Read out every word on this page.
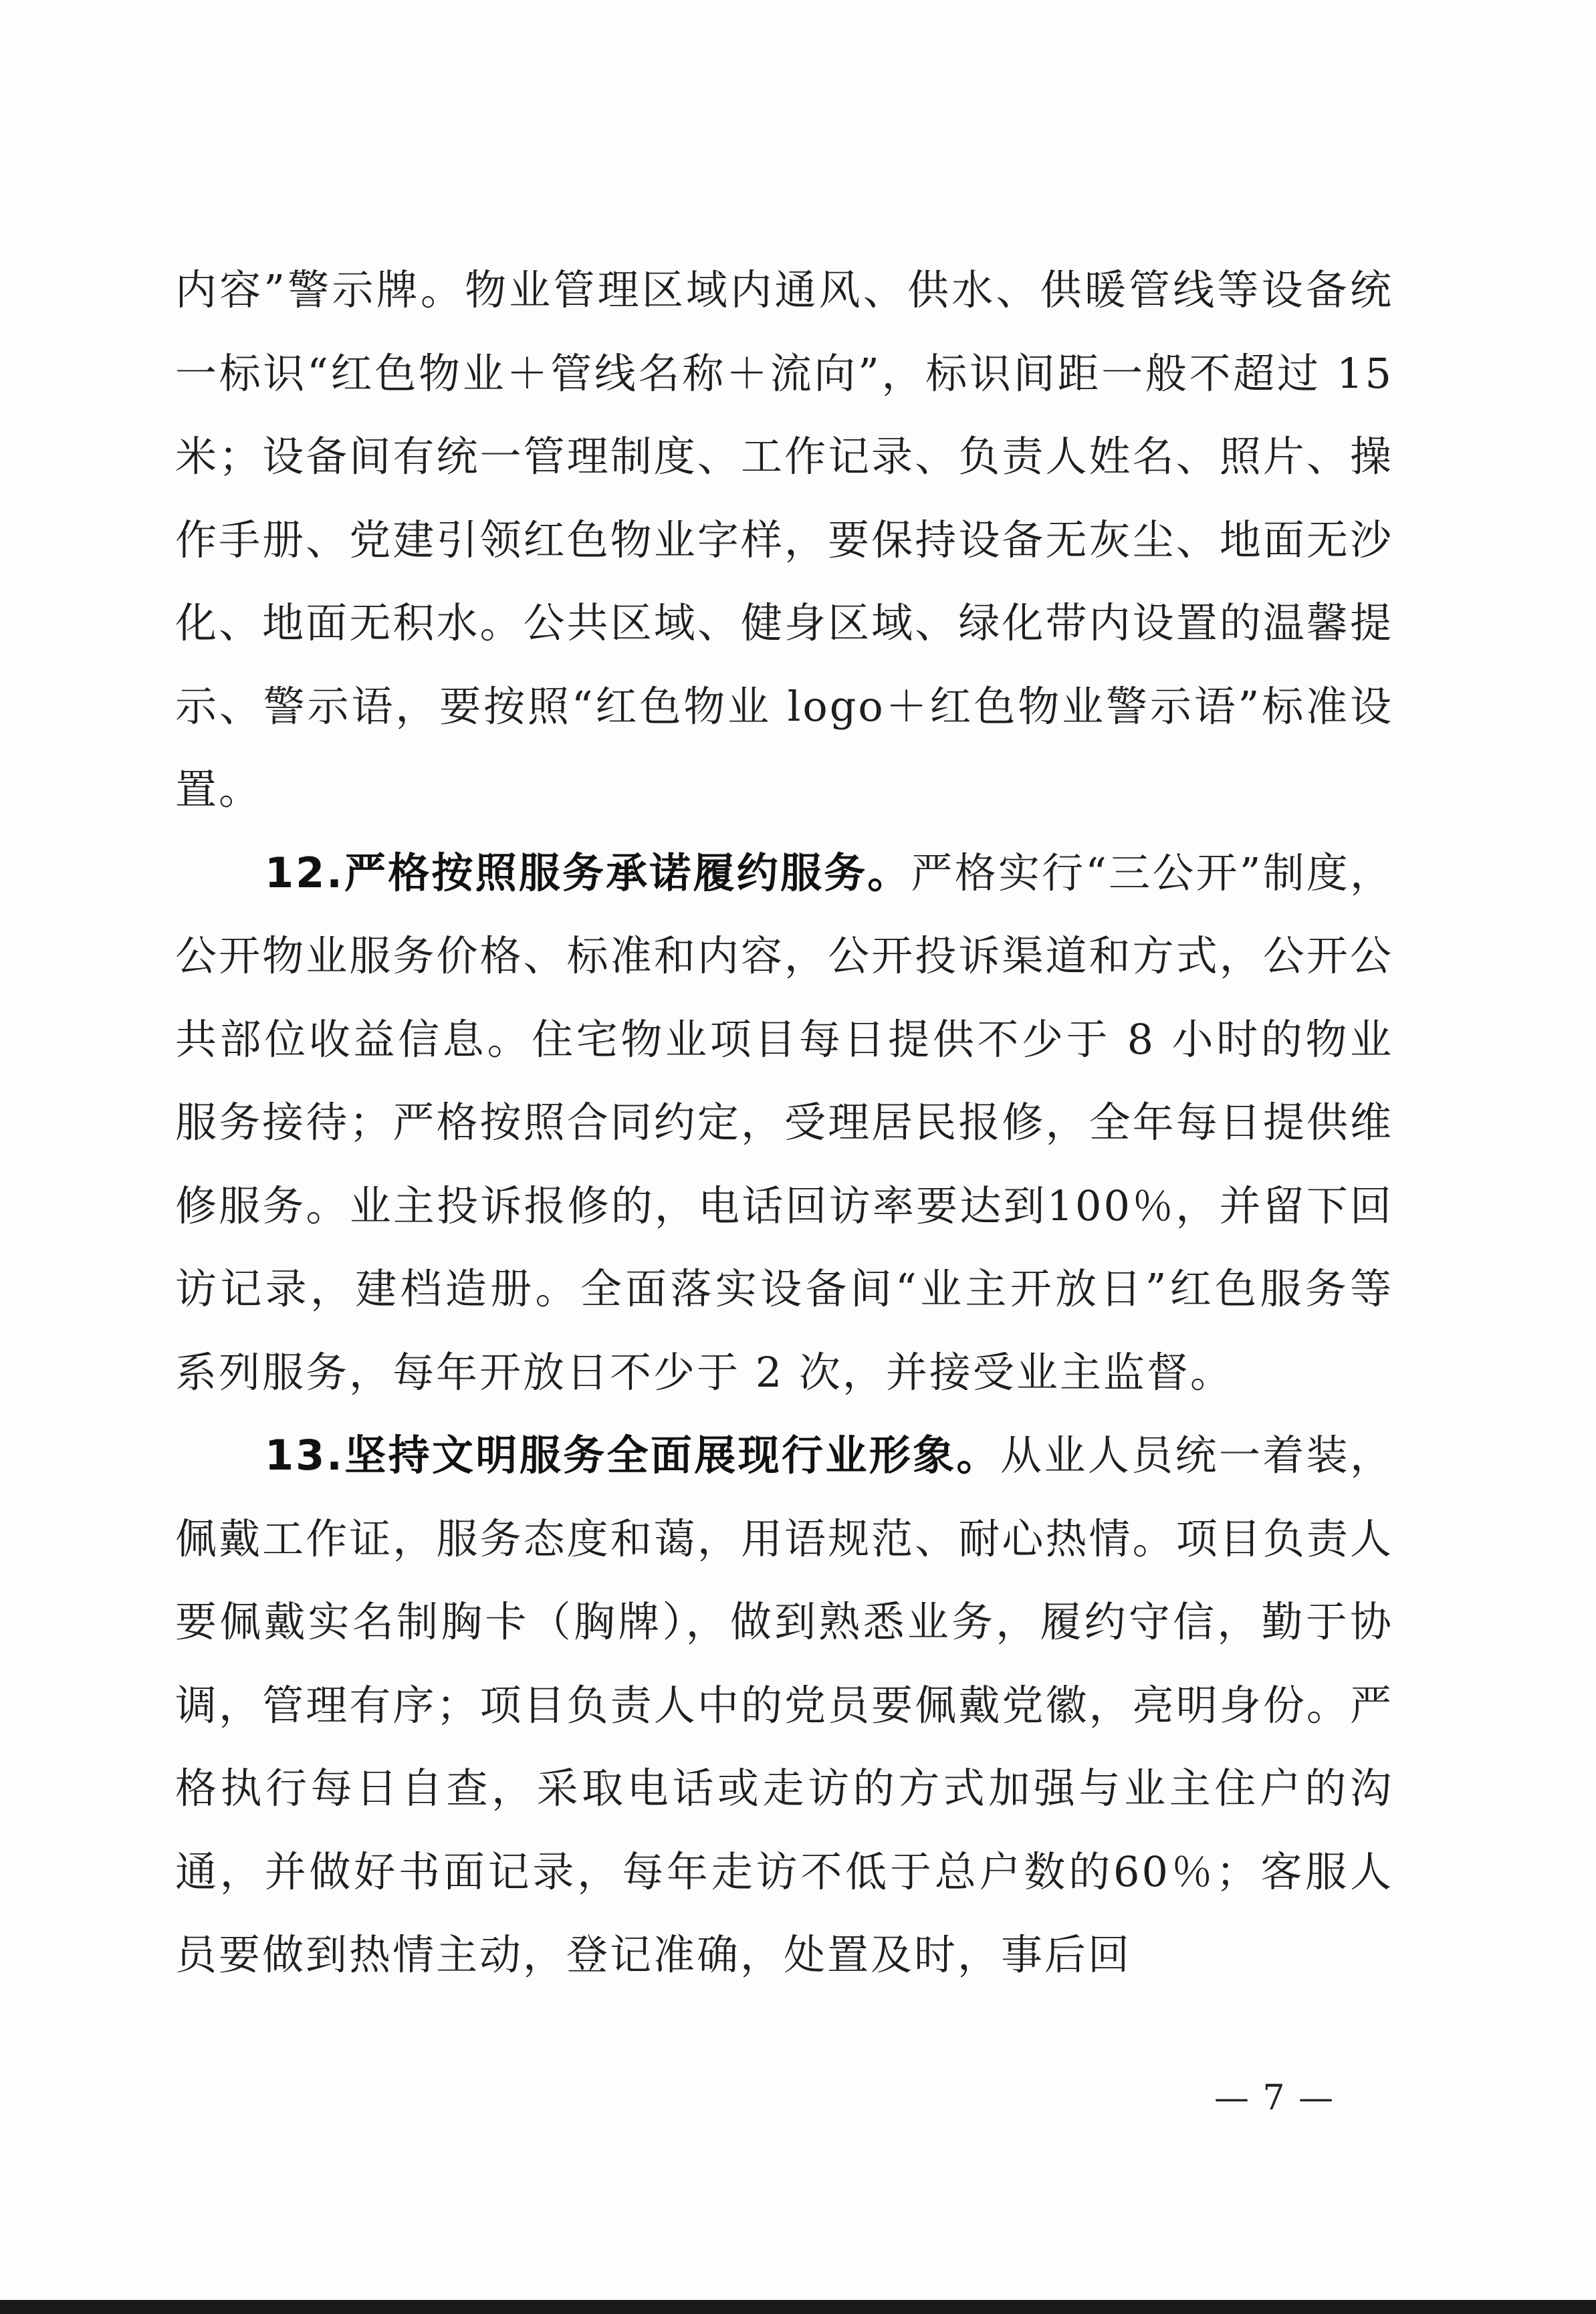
内容”警示牌。物业管理区域内通风、供水、供暖管线等设备统一标识“红色物业＋管线名称＋流向”，标识间距一般不超过 15 米；设备间有统一管理制度、工作记录、负责人姓名、照片、操作手册、党建引领红色物业字样，要保持设备无灰尘、地面无沙化、地面无积水。公共区域、健身区域、绿化带内设置的温馨提示、警示语，要按照“红色物业 logo＋红色物业警示语”标准设置。

12.严格按照服务承诺履约服务。严格实行“三公开”制度，公开物业服务价格、标准和内容，公开投诉渠道和方式，公开公共部位收益信息。住宅物业项目每日提供不少于 8 小时的物业服务接待；严格按照合同约定，受理居民报修，全年每日提供维修服务。业主投诉报修的，电话回访率要达到100％，并留下回访记录，建档造册。全面落实设备间“业主开放日”红色服务等系列服务，每年开放日不少于 2 次，并接受业主监督。

13.坚持文明服务全面展现行业形象。从业人员统一着装，佩戴工作证，服务态度和蔼，用语规范、耐心热情。项目负责人要佩戴实名制胸卡（胸牌），做到熟悉业务，履约守信，勤于协调，管理有序；项目负责人中的党员要佩戴党徽，亮明身份。严格执行每日自查，采取电话或走访的方式加强与业主住户的沟通，并做好书面记录，每年走访不低于总户数的60％；客服人员要做到热情主动，登记准确，处置及时，事后回

— 7 —
